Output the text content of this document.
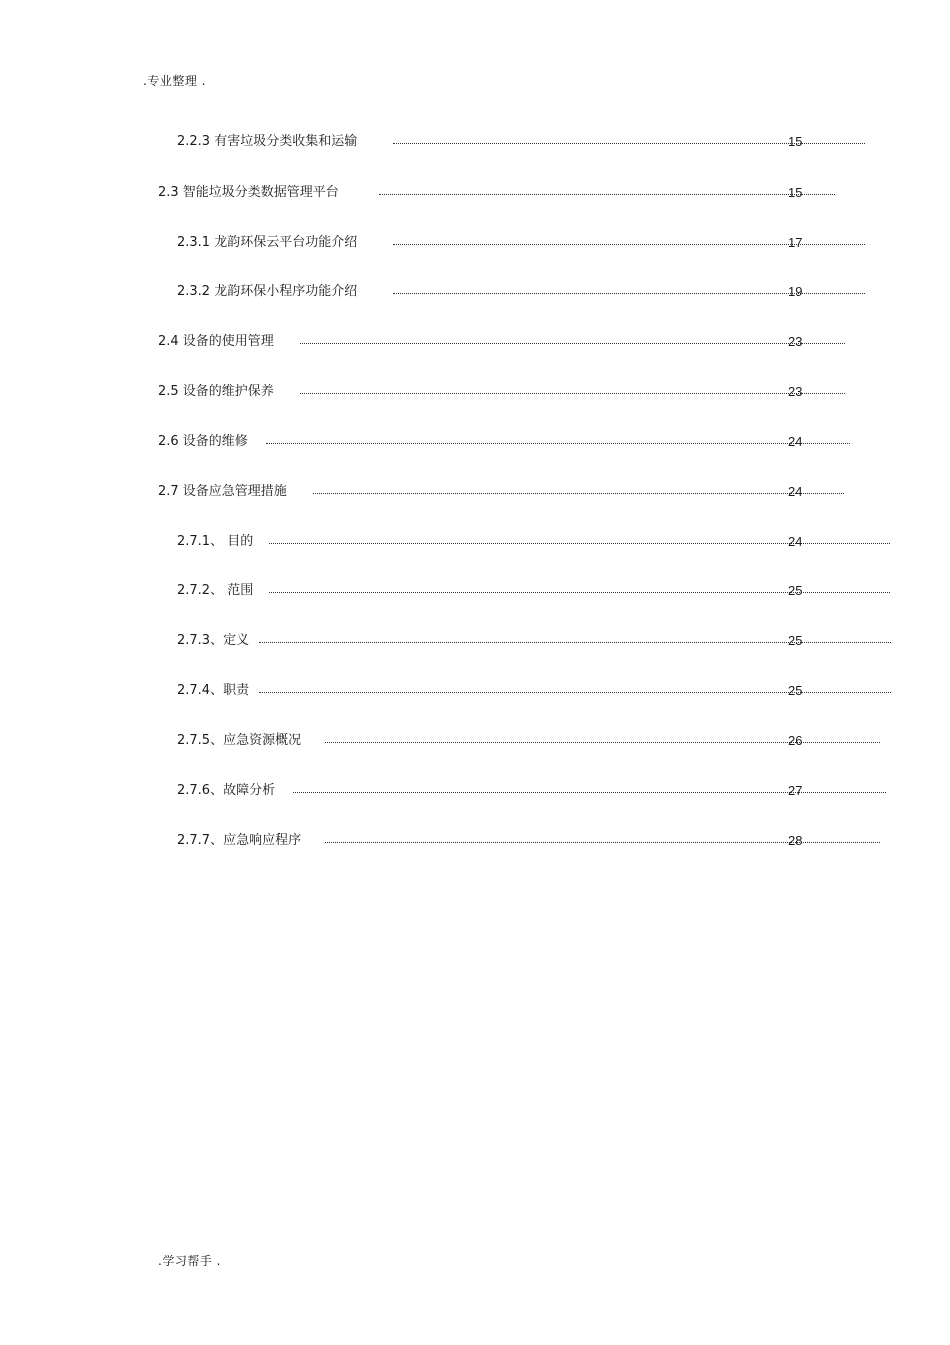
.专业整理 .
2.2.3 有害垃圾分类收集和运输	15
2.3 智能垃圾分类数据管理平台	15
2.3.1 龙韵环保云平台功能介绍	17
2.3.2 龙韵环保小程序功能介绍	19
2.4 设备的使用管理	23
2.5 设备的维护保养	23
2.6 设备的维修	24
2.7 设备应急管理措施	24
2.7.1、 目的	24
2.7.2、 范围	25
2.7.3、定义	25
2.7.4、职责	25
2.7.5、应急资源概况	26
2.7.6、故障分析	27
2.7.7、应急响应程序	28
.学习帮手 .
